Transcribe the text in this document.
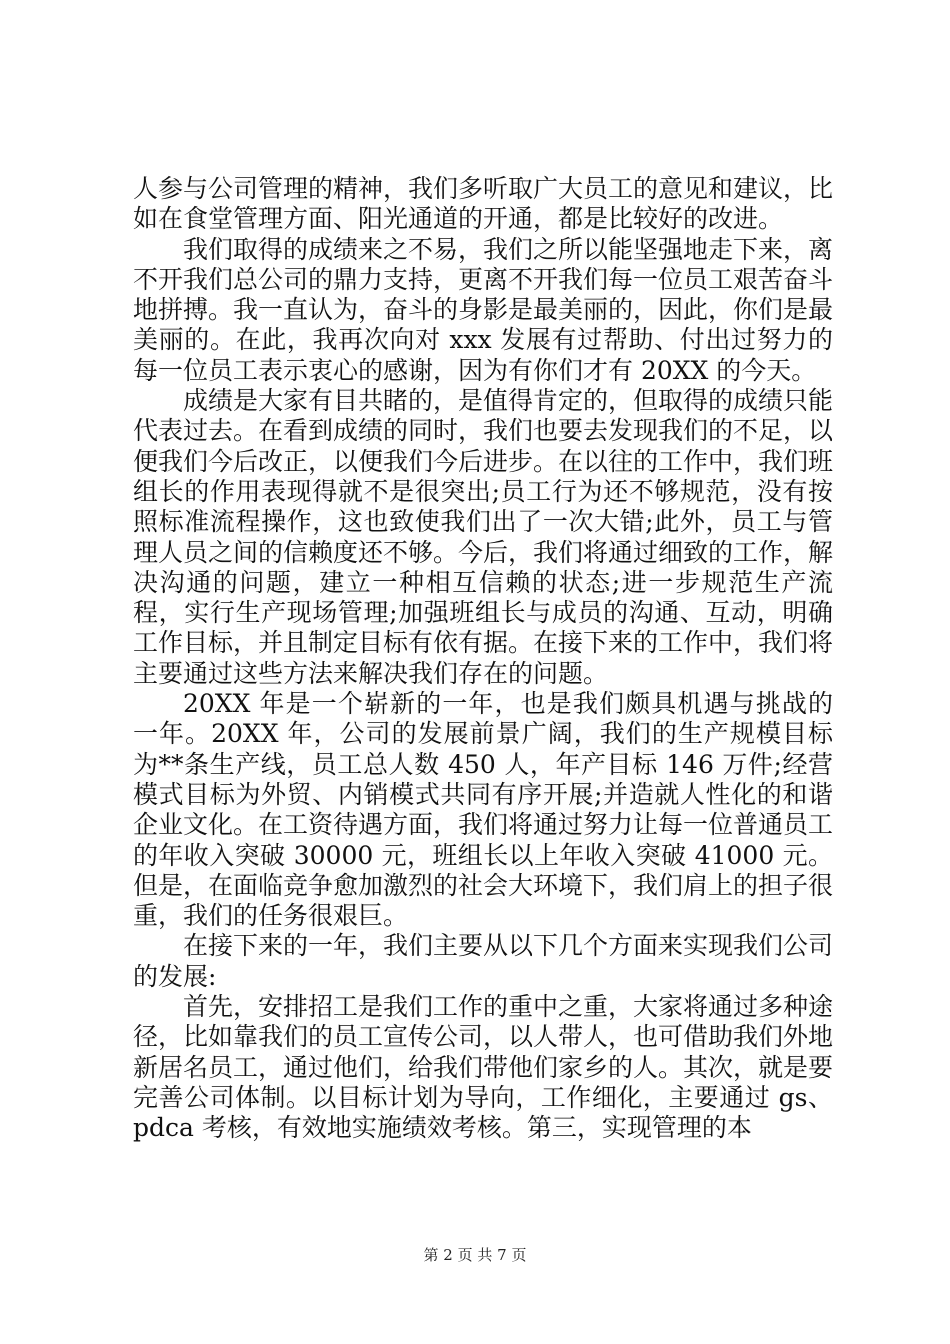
人参与公司管理的精神，我们多听取广大员工的意见和建议，比如在食堂管理方面、阳光通道的开通，都是比较好的改进。

我们取得的成绩来之不易，我们之所以能坚强地走下来，离不开我们总公司的鼎力支持，更离不开我们每一位员工艰苦奋斗地拼搏。我一直认为，奋斗的身影是最美丽的，因此，你们是最美丽的。在此，我再次向对 xxx 发展有过帮助、付出过努力的每一位员工表示衷心的感谢，因为有你们才有 20XX 的今天。

成绩是大家有目共睹的，是值得肯定的，但取得的成绩只能代表过去。在看到成绩的同时，我们也要去发现我们的不足，以便我们今后改正，以便我们今后进步。在以往的工作中，我们班组长的作用表现得就不是很突出;员工行为还不够规范，没有按照标准流程操作，这也致使我们出了一次大错;此外，员工与管理人员之间的信赖度还不够。今后，我们将通过细致的工作，解决沟通的问题，建立一种相互信赖的状态;进一步规范生产流程，实行生产现场管理;加强班组长与成员的沟通、互动，明确工作目标，并且制定目标有依有据。在接下来的工作中，我们将主要通过这些方法来解决我们存在的问题。

20XX 年是一个崭新的一年，也是我们颇具机遇与挑战的一年。20XX 年，公司的发展前景广阔，我们的生产规模目标为**条生产线，员工总人数 450 人，年产目标 146 万件;经营模式目标为外贸、内销模式共同有序开展;并造就人性化的和谐企业文化。在工资待遇方面，我们将通过努力让每一位普通员工的年收入突破 30000 元，班组长以上年收入突破 41000 元。但是，在面临竞争愈加激烈的社会大环境下，我们肩上的担子很重，我们的任务很艰巨。

在接下来的一年，我们主要从以下几个方面来实现我们公司的发展:

首先，安排招工是我们工作的重中之重，大家将通过多种途径，比如靠我们的员工宣传公司，以人带人，也可借助我们外地新居名员工，通过他们，给我们带他们家乡的人。其次，就是要完善公司体制。以目标计划为导向，工作细化，主要通过 gs、pdca 考核，有效地实施绩效考核。第三，实现管理的本

第 2 页 共 7 页
